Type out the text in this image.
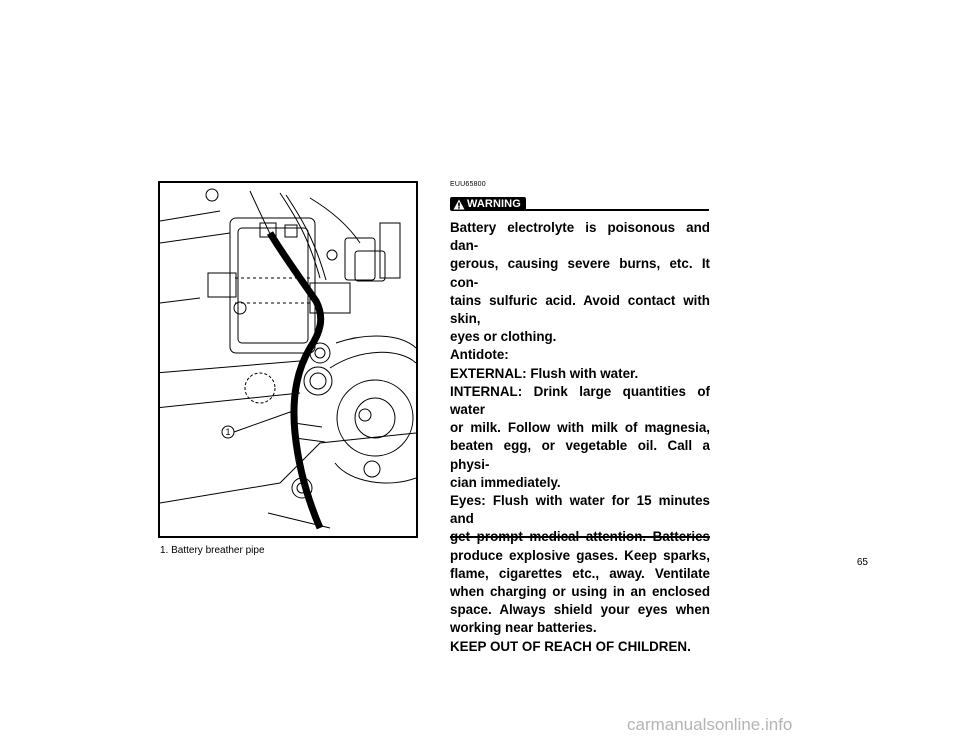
1
1. Battery breather pipe
EUU65800
WARNING

Battery electrolyte is poisonous and dan-

gerous, causing severe burns, etc. It con-

tains sulfuric acid. Avoid contact with skin,

eyes or clothing.

Antidote:

EXTERNAL: Flush with water.

INTERNAL: Drink large quantities of water

or milk. Follow with milk of magnesia,

beaten egg, or vegetable oil. Call a physi-

cian immediately.

Eyes: Flush with water for 15 minutes and

produce explosive gases. Keep sparks,

flame, cigarettes etc., away. Ventilate

when charging or using in an enclosed

space. Always shield your eyes when

working near batteries.

KEEP OUT OF REACH OF CHILDREN.

65
carmanualsonline.info
